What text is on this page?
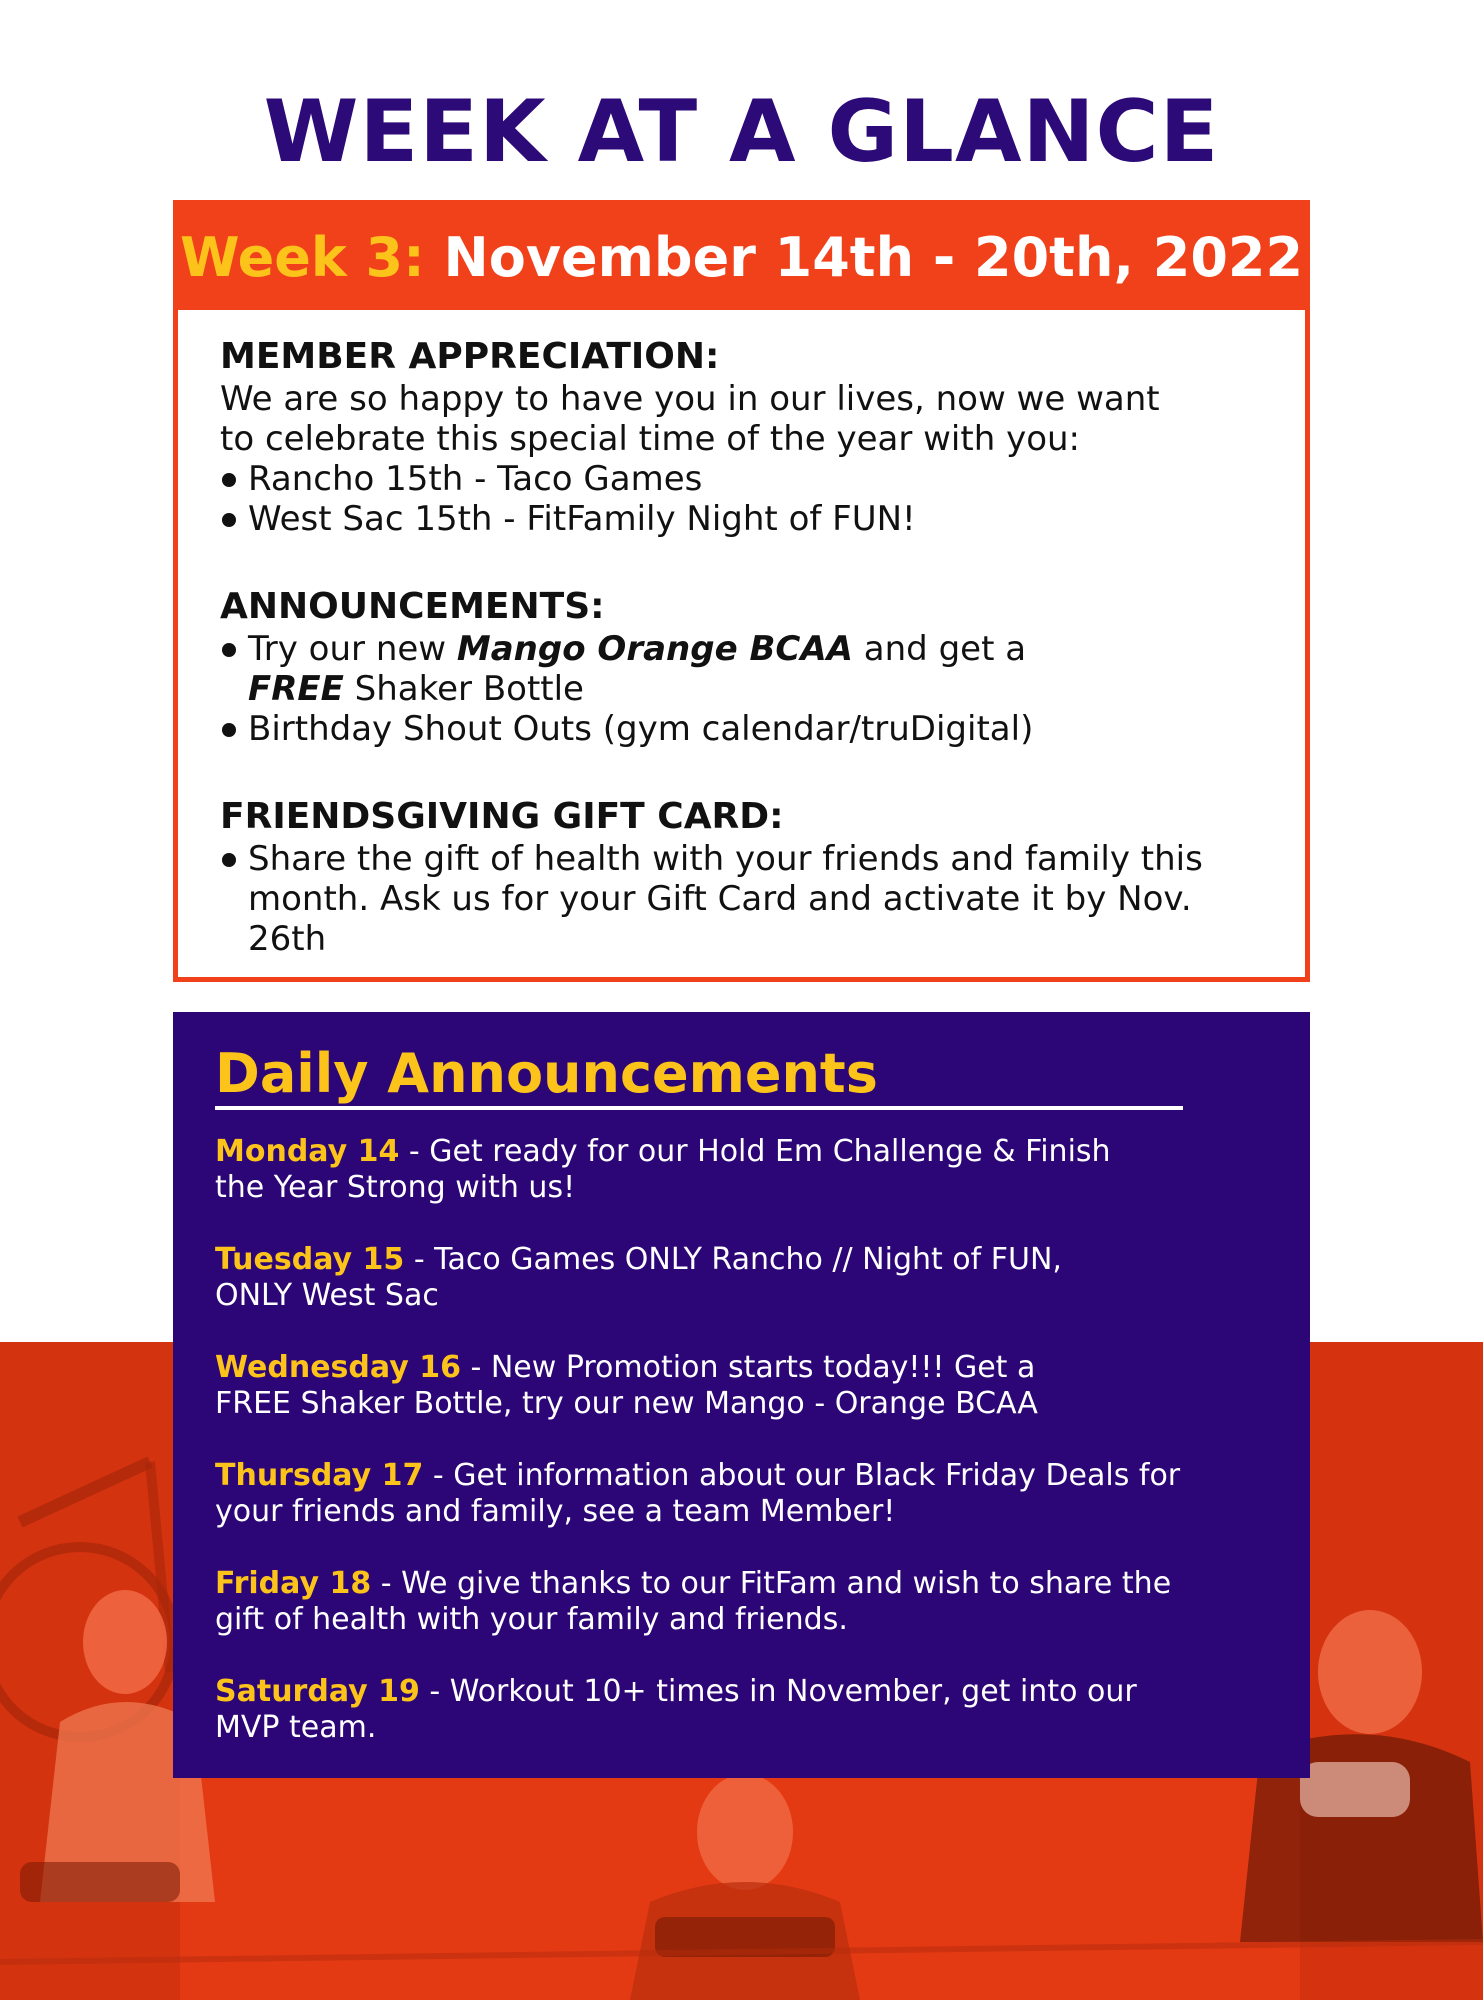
WEEK AT A GLANCE
Week 3: November 14th - 20th, 2022

MEMBER APPRECIATION:

We are so happy to have you in our lives, now we want

to celebrate this special time of the year with you:

Rancho 15th - Taco Games
West Sac 15th - FitFamily Night of FUN!

ANNOUNCEMENTS:

Try our new Mango Orange BCAA and get a
FREE Shaker Bottle
Birthday Shout Outs (gym calendar/truDigital)

FRIENDSGIVING GIFT CARD:

Share the gift of health with your friends and family this
month. Ask us for your Gift Card and activate it by Nov. 26th
Daily Announcements

Monday 14 - Get ready for our Hold Em Challenge & Finish
the Year Strong with us!

Tuesday 15 - Taco Games ONLY Rancho // Night of FUN,
ONLY West Sac

Wednesday 16 - New Promotion starts today!!! Get a
FREE Shaker Bottle, try our new Mango - Orange BCAA

Thursday 17 - Get information about our Black Friday Deals for
your friends and family, see a team Member!

Friday 18 - We give thanks to our FitFam and wish to share the
gift of health with your family and friends.

Saturday 19 - Workout 10+ times in November, get into our
MVP team.
